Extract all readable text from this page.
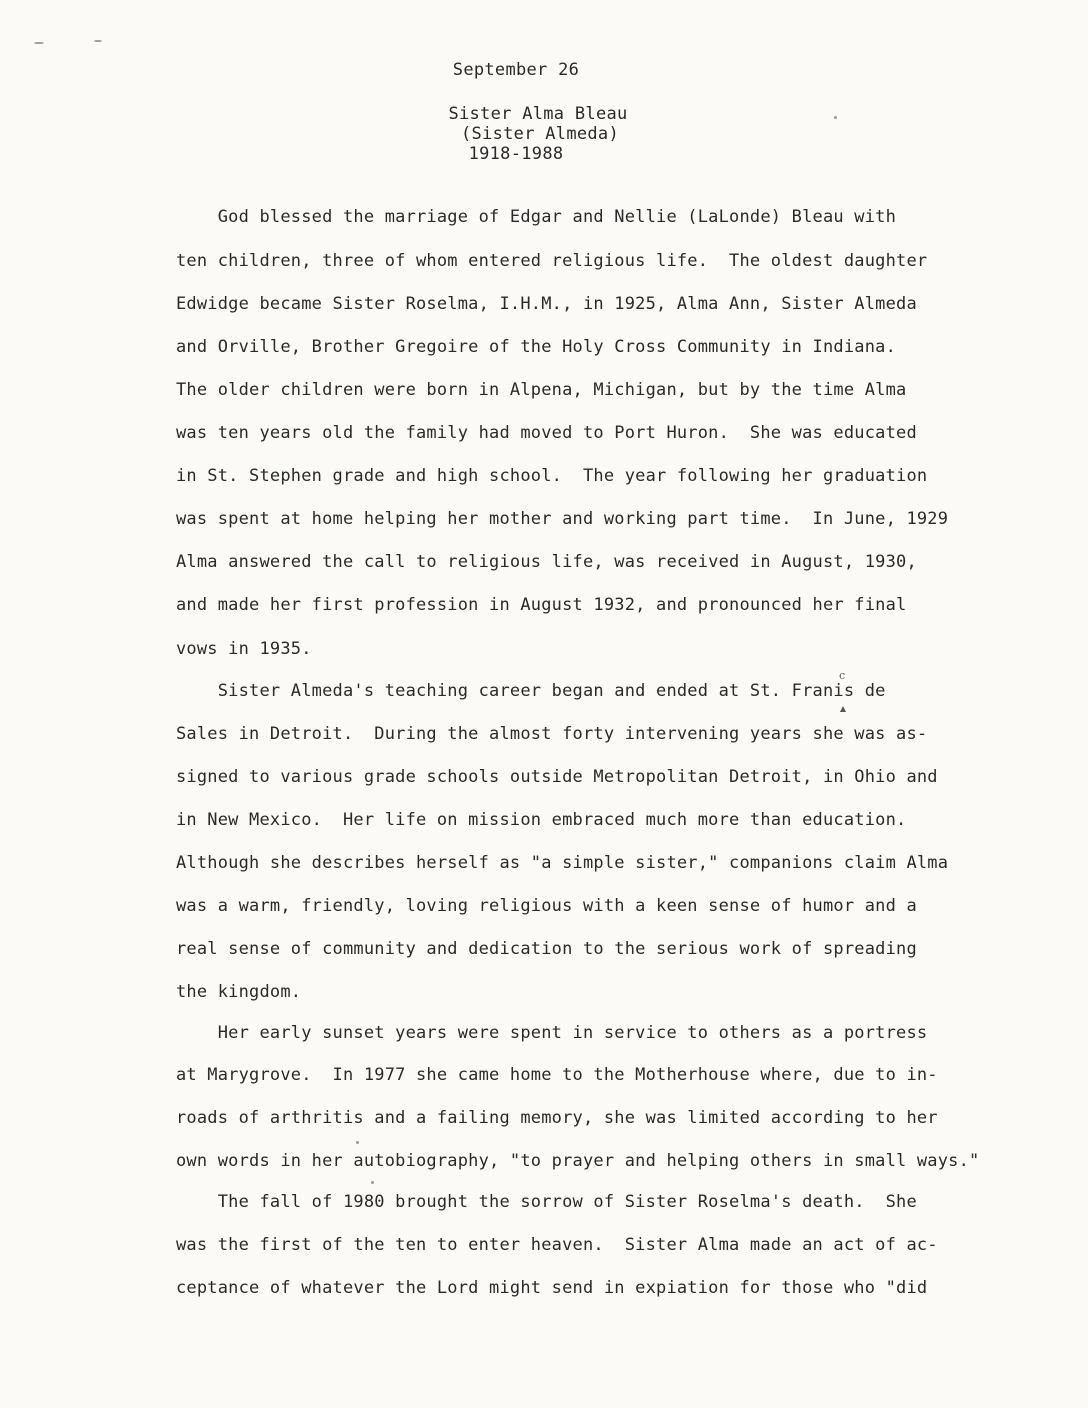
September 26
Sister Alma Bleau
(Sister Almeda)
1918-1988
God blessed the marriage of Edgar and Nellie (LaLonde) Bleau with
ten children, three of whom entered religious life.  The oldest daughter
Edwidge became Sister Roselma, I.H.M., in 1925, Alma Ann, Sister Almeda
and Orville, Brother Gregoire of the Holy Cross Community in Indiana.
The older children were born in Alpena, Michigan, but by the time Alma
was ten years old the family had moved to Port Huron.  She was educated
in St. Stephen grade and high school.  The year following her graduation
was spent at home helping her mother and working part time.  In June, 1929
Alma answered the call to religious life, was received in August, 1930,
and made her first profession in August 1932, and pronounced her final
vows in 1935.
Sister Almeda's teaching career began and ended at St. Franis de
Sales in Detroit.  During the almost forty intervening years she was as-
signed to various grade schools outside Metropolitan Detroit, in Ohio and
in New Mexico.  Her life on mission embraced much more than education.
Although she describes herself as "a simple sister," companions claim Alma
was a warm, friendly, loving religious with a keen sense of humor and a
real sense of community and dedication to the serious work of spreading
the kingdom.
Her early sunset years were spent in service to others as a portress
at Marygrove.  In 1977 she came home to the Motherhouse where, due to in-
roads of arthritis and a failing memory, she was limited according to her
own words in her autobiography, "to prayer and helping others in small ways."
The fall of 1980 brought the sorrow of Sister Roselma's death.  She
was the first of the ten to enter heaven.  Sister Alma made an act of ac-
ceptance of whatever the Lord might send in expiation for those who "did
c
